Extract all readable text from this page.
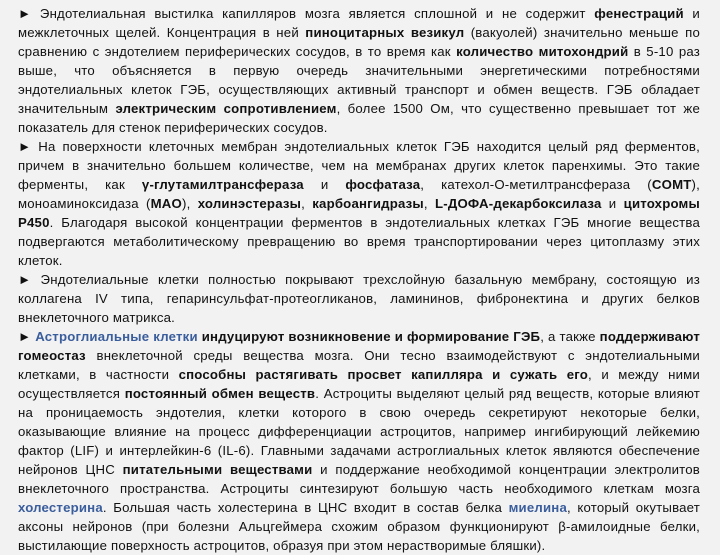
► Эндотелиальная выстилка капилляров мозга является сплошной и не содержит фенестраций и межклеточных щелей. Концентрация в ней пиноцитарных везикул (вакуолей) значительно меньше по сравнению с эндотелием периферических сосудов, в то время как количество митохондрий в 5-10 раз выше, что объясняется в первую очередь значительными энергетическими потребностями эндотелиальных клеток ГЭБ, осуществляющих активный транспорт и обмен веществ. ГЭБ обладает значительным электрическим сопротивлением, более 1500 Ом, что существенно превышает тот же показатель для стенок периферических сосудов.

► На поверхности клеточных мембран эндотелиальных клеток ГЭБ находится целый ряд ферментов, причем в значительно большем количестве, чем на мембранах других клеток паренхимы. Это такие ферменты, как γ-глутамилтрансфераза и фосфатаза, катехол-О-метилтрансфераза (COMT), моноаминоксидаза (MAO), холинэстеразы, карбоангидразы, L-ДОФА-декарбоксилаза и цитохромы P450. Благодаря высокой концентрации ферментов в эндотелиальных клетках ГЭБ многие вещества подвергаются метаболитическому превращению во время транспортировании через цитоплазму этих клеток.

► Эндотелиальные клетки полностью покрывают трехслойную базальную мембрану, состоящую из коллагена IV типа, гепаринсульфат-протеогликанов, ламининов, фибронектина и других белков внеклеточного матрикса.

► Астроглиальные клетки индуцируют возникновение и формирование ГЭБ, а также поддерживают гомеостаз внеклеточной среды вещества мозга. Они тесно взаимодействуют с эндотелиальными клетками, в частности способны растягивать просвет капилляра и сужать его, и между ними осуществляется постоянный обмен веществ. Астроциты выделяют целый ряд веществ, которые влияют на проницаемость эндотелия, клетки которого в свою очередь секретируют некоторые белки, оказывающие влияние на процесс дифференциации астроцитов, например ингибирующий лейкемию фактор (LIF) и интерлейкин-6 (IL-6). Главными задачами астроглиальных клеток являются обеспечение нейронов ЦНС питательными веществами и поддержание необходимой концентрации электролитов внеклеточного пространства. Астроциты синтезируют большую часть необходимого клеткам мозга холестерина. Большая часть холестерина в ЦНС входит в состав белка миелина, который окутывает аксоны нейронов (при болезни Альцгеймера схожим образом функционируют β-амилоидные белки, выстилающие поверхность астроцитов, образуя при этом нерастворимые бляшки).
